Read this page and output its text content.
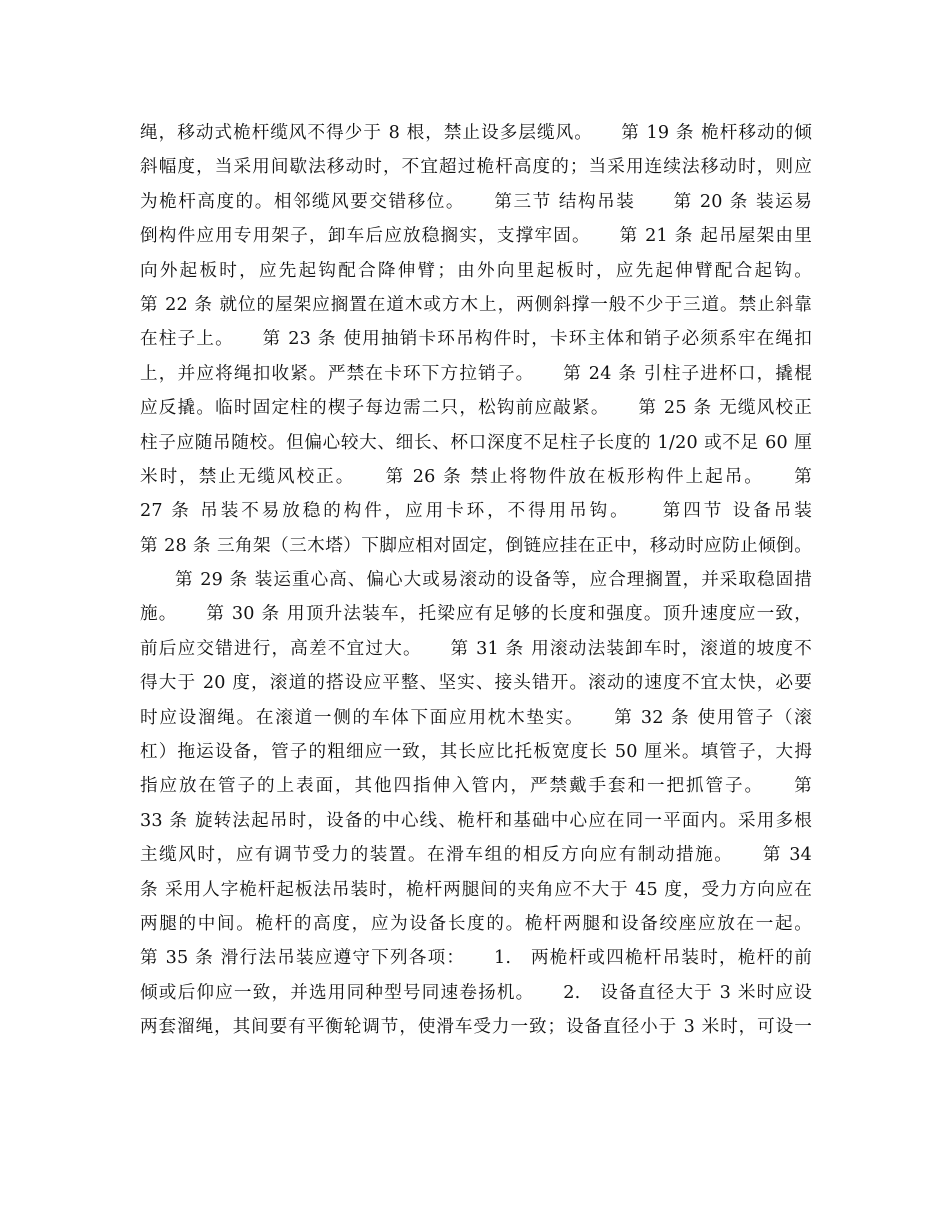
绳，移动式桅杆缆风不得少于 8 根，禁止设多层缆风。　　第 19 条 桅杆移动的倾
斜幅度，当采用间歇法移动时，不宜超过桅杆高度的；当采用连续法移动时，则应
为桅杆高度的。相邻缆风要交错移位。　　第三节 结构吊装　　第 20 条 装运易
倒构件应用专用架子，卸车后应放稳搁实，支撑牢固。　　第 21 条 起吊屋架由里
向外起板时，应先起钩配合降伸臂；由外向里起板时，应先起伸臂配合起钩。
第 22 条 就位的屋架应搁置在道木或方木上，两侧斜撑一般不少于三道。禁止斜靠
在柱子上。　　第 23 条 使用抽销卡环吊构件时，卡环主体和销子必须系牢在绳扣
上，并应将绳扣收紧。严禁在卡环下方拉销子。　　第 24 条 引柱子进杯口，撬棍
应反撬。临时固定柱的楔子每边需二只，松钩前应敲紧。　　第 25 条 无缆风校正
柱子应随吊随校。但偏心较大、细长、杯口深度不足柱子长度的 1/20 或不足 60 厘
米时，禁止无缆风校正。　　第 26 条 禁止将物件放在板形构件上起吊。　　第
27 条 吊装不易放稳的构件，应用卡环，不得用吊钩。　　第四节 设备吊装
第 28 条 三角架（三木塔）下脚应相对固定，倒链应挂在正中，移动时应防止倾倒。
第 29 条 装运重心高、偏心大或易滚动的设备等，应合理搁置，并采取稳固措
施。　　第 30 条 用顶升法装车，托梁应有足够的长度和强度。顶升速度应一致，
前后应交错进行，高差不宜过大。　　第 31 条 用滚动法装卸车时，滚道的坡度不
得大于 20 度，滚道的搭设应平整、坚实、接头错开。滚动的速度不宜太快，必要
时应设溜绳。在滚道一侧的车体下面应用枕木垫实。　　第 32 条 使用管子（滚
杠）拖运设备，管子的粗细应一致，其长应比托板宽度长 50 厘米。填管子，大拇
指应放在管子的上表面，其他四指伸入管内，严禁戴手套和一把抓管子。　　第
33 条 旋转法起吊时，设备的中心线、桅杆和基础中心应在同一平面内。采用多根
主缆风时，应有调节受力的装置。在滑车组的相反方向应有制动措施。　　第 34
条 采用人字桅杆起板法吊装时，桅杆两腿间的夹角应不大于 45 度，受力方向应在
两腿的中间。桅杆的高度，应为设备长度的。桅杆两腿和设备绞座应放在一起。
第 35 条 滑行法吊装应遵守下列各项：　　1.　两桅杆或四桅杆吊装时，桅杆的前
倾或后仰应一致，并选用同种型号同速卷扬机。　　2.　设备直径大于 3 米时应设
两套溜绳，其间要有平衡轮调节，使滑车受力一致；设备直径小于 3 米时，可设一
